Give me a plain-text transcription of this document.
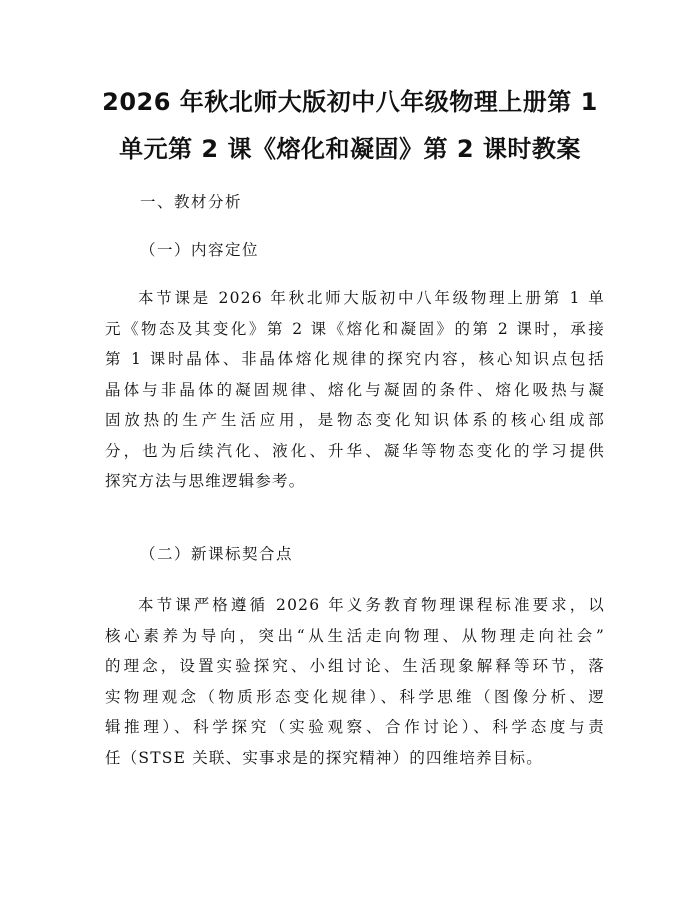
2026 年秋北师大版初中八年级物理上册第 1
单元第 2 课《熔化和凝固》第 2 课时教案
一、教材分析
（一）内容定位
本节课是 2026 年秋北师大版初中八年级物理上册第 1 单
元《物态及其变化》第 2 课《熔化和凝固》的第 2 课时，承接
第 1 课时晶体、非晶体熔化规律的探究内容，核心知识点包括
晶体与非晶体的凝固规律、熔化与凝固的条件、熔化吸热与凝
固放热的生产生活应用，是物态变化知识体系的核心组成部
分，也为后续汽化、液化、升华、凝华等物态变化的学习提供
探究方法与思维逻辑参考。
（二）新课标契合点
本节课严格遵循 2026 年义务教育物理课程标准要求，以
核心素养为导向，突出“从生活走向物理、从物理走向社会”
的理念，设置实验探究、小组讨论、生活现象解释等环节，落
实物理观念（物质形态变化规律）、科学思维（图像分析、逻
辑推理）、科学探究（实验观察、合作讨论）、科学态度与责
任（STSE 关联、实事求是的探究精神）的四维培养目标。
